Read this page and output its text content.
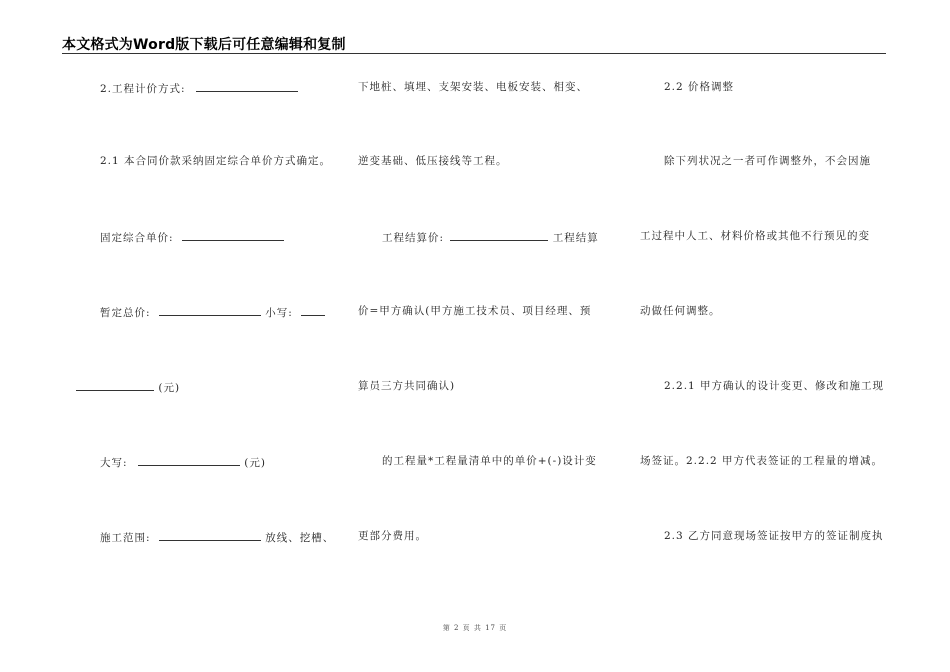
本文格式为Word版下载后可任意编辑和复制
2.工程计价方式:
2.1 本合同价款采纳固定综合单价方式确定。
固定综合单价:
暂定总价:	小写:
(元)
大写:	(元)
施工范围:	放线、挖槽、
下地桩、填埋、支架安装、电板安装、相变、
逆变基础、低压接线等工程。
工程结算价:	工程结算
价=甲方确认(甲方施工技术员、项目经理、预
算员三方共同确认)
的工程量*工程量清单中的单价+(-)设计变
更部分费用。
2.2 价格调整
除下列状况之一者可作调整外，不会因施
工过程中人工、材料价格或其他不行预见的变
动做任何调整。
2.2.1 甲方确认的设计变更、修改和施工现
场签证。2.2.2 甲方代表签证的工程量的增减。
2.3 乙方同意现场签证按甲方的签证制度执
第 2 页 共 17 页
